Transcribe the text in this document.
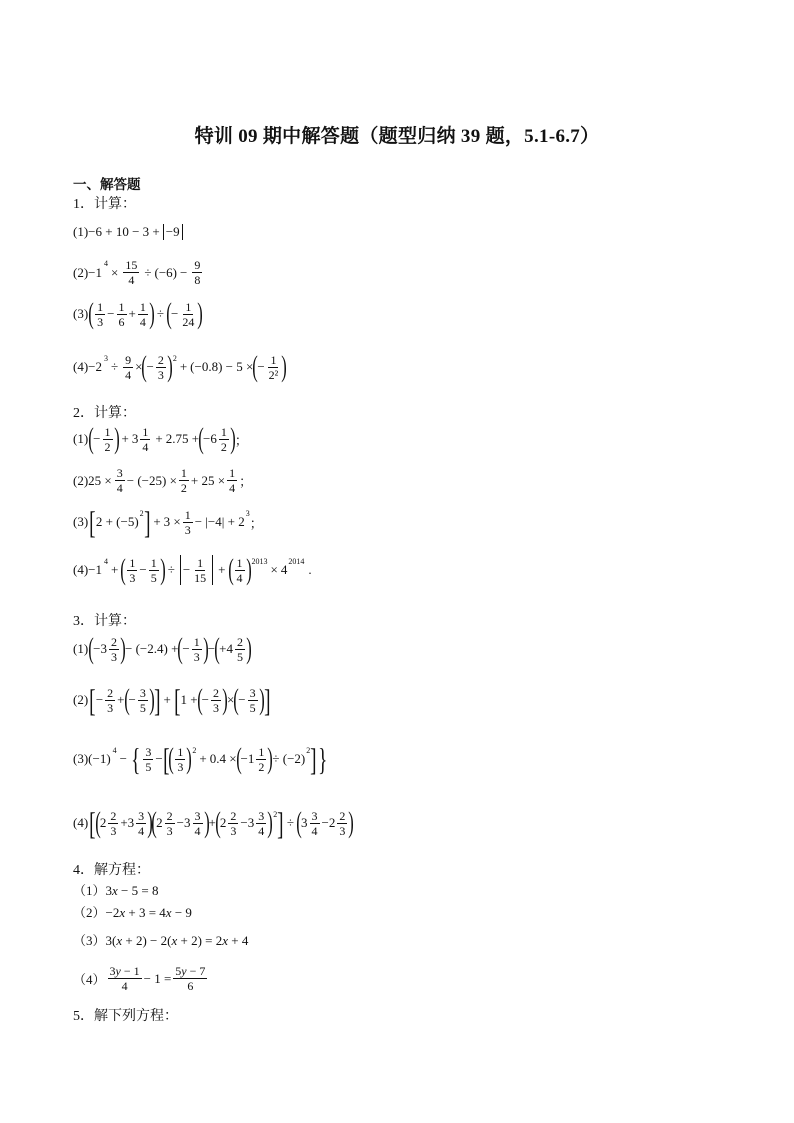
特训 09 期中解答题（题型归纳 39 题，5.1-6.7）
一、解答题
1．计算：
(1)−6 + 10 − 3 + −9
(2)−1
4
× $\frac{15}{4} \div (-6) - \frac{9}{8}$
(3) ( $\frac{1}{3} - \frac{1}{6} + \frac{1}{4}$ ) ÷ ( − $\frac{1}{24}$ )
(4)−2
3
÷ $\frac{9}{4}$ × ( − $\frac{2}{3}$ ) 2
+ (−0.8) − 5 × ( − $\frac{1}{\text{2²}}$ )
2．计算：
(1) ( − $\frac{1}{2}$ ) + $3 \frac{1}{4} + 2.75$ + ( $-6 \frac{1}{2}$ ) ；
$(2)25 \times \frac{3}{4} - (-25) \times \frac{1}{2} + 25 \times \frac{1}{4}$ ；
(3) [ 2 + (−5)
2 ] + $3 \times \frac{1}{3} - |-4| + 2$
3
；
(4)−1
4
+ ( $\frac{1}{3} - \frac{1}{5}$ ) ÷ − $\frac{1}{15}$ + ( $\frac{1}{4}$ ) 2013
× 4
2014
.
3．计算：
(1) ( $-3 \frac{2}{3}$ ) − (−2.4) + ( − $\frac{1}{3}$ ) − ( $+4 \frac{2}{5}$ )
(2) [ − $\frac{2}{3}$ + ( − $\frac{3}{5}$ ) ] + [ 1 + ( − $\frac{2}{3}$ ) × ( − $\frac{3}{5}$ ) ]
(3)(−1)
4
− { $\frac{3}{5}$ − [ ( $\frac{1}{3}$ ) 2
+ 0.4 × ( $-1 \frac{1}{2}$ ) ÷ (−2)
2 ] }
(4) [ ( $2 \frac{2}{3} + 3 \frac{3}{4}$ )
( $2 \frac{2}{3} - 3 \frac{3}{4}$ ) + ( $2 \frac{2}{3} - 3 \frac{3}{4}$ ) 2 ] ÷ ( $3 \frac{3}{4} - 2 \frac{2}{3}$ )
4．解方程：
（1）3x − 5 = 8
（2）−2x + 3 = 4x − 9
（3）3(x + 2) − 2(x + 2) = 2x + 4
$(4) \frac{3y - 1}{4} - 1 = \frac{5y - 7}{6}$
5．解下列方程：
